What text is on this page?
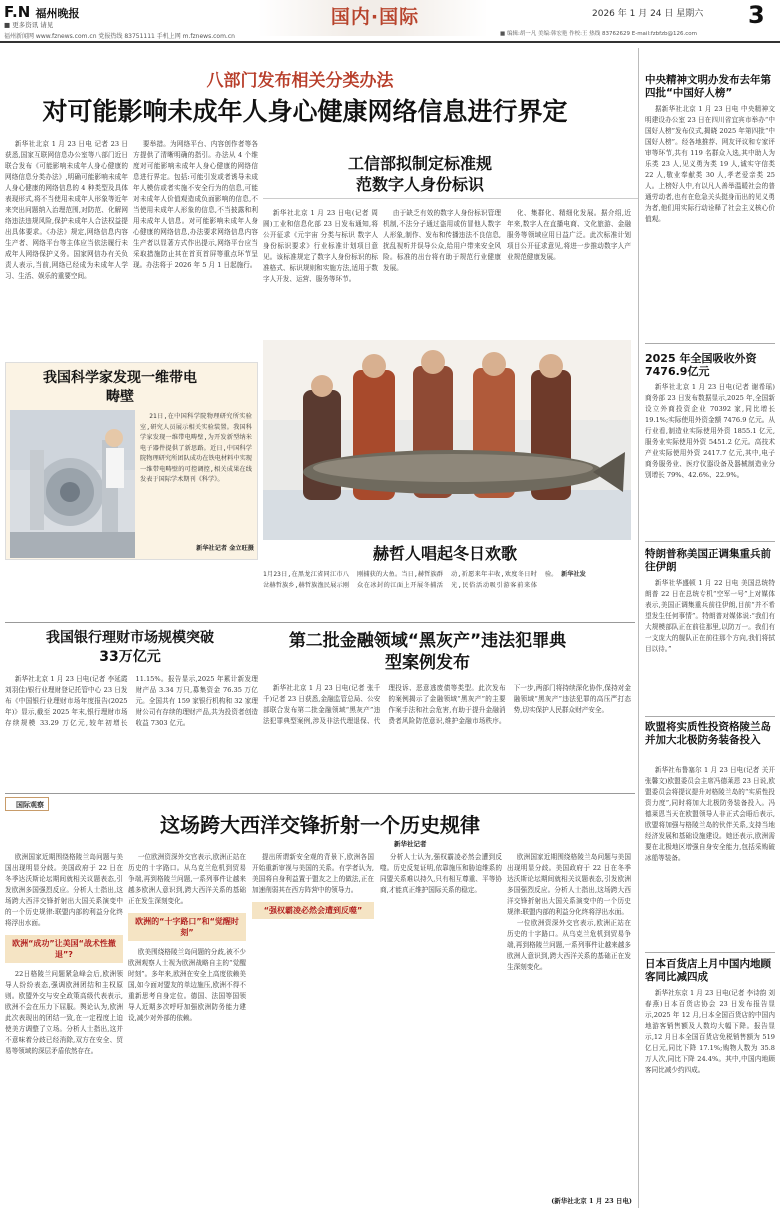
F.N 福州晚报
■ 更多资讯 请见
福州新闻网 www.fznews.com.cn 党报热线 83751111 手机上网 m.fznews.com.cn
国内·国际	2026 年 1 月 24 日 星期六 3
■ 编辑:胡一凡 美编:韩宏艳 作校:王 热线 83762629 E-mail:fzbfzb@126.com
八部门发布相关分类办法
对可能影响未成年人身心健康网络信息进行界定

新华社北京 1 月 23 日电 记者 23 日获悉,国家互联网信息办公室等八部门近日联合发布《可能影响未成年人身心健康的网络信息分类办法》,明确可能影响未成年人身心健康的网络信息的 4 种类型及具体表现形式,将不当使用未成年人形象等近年来突出问题纳入治理范围,对防范、化解网络违法违规风险,保护未成年人合法权益提出具体要求。《办法》规定,网络信息内容生产者、网络平台等主体应当依法履行未成年人网络保护义务。国家网信办有关负责人表示,当前,网络已经成为未成年人学习、生活、娱乐的重要空间。

要举措。为网络平台、内容创作者等各方提供了清晰明确的指引。办法从 4 个维度对可能影响未成年人身心健康的网络信息进行界定。包括:可能引发或者诱导未成年人模仿或者实施不安全行为的信息,可能对未成年人价值观造成负面影响的信息,不当使用未成年人形象的信息,不当披露和利用未成年人信息。对可能影响未成年人身心健康的网络信息,办法要求网络信息内容生产者以显著方式作出提示,网络平台应当采取措施防止其在首页首屏等重点环节呈现。办法将于 2026 年 5 月 1 日起施行。

工信部拟制定标准规范数字人身份标识

新华社北京 1 月 23 日电(记者 周圆)工业和信息化部 23 日发布通知,将公开征求《元宇宙 分类与标识 数字人身份标识要求》行业标准计划项目意见。该标准规定了数字人身份标识的标准格式、标识规则和实施方法,适用于数字人开发、运营、服务等环节。

由于缺乏有效的数字人身份标识管理机制,不法分子通过盗用或仿冒他人数字人形象,制作、发布和传播违法不良信息,扰乱视听并误导公众,给用户带来安全风险。标准的出台将有助于规范行业健康发展。

化、集群化、精细化发展。据介绍,近年来,数字人在直播电商、文化旅游、金融服务等领域应用日益广泛。此次标准计划项目公开征求意见,将进一步推动数字人产业规范健康发展。

我国科学家发现一维带电畴壁

21日,在中国科学院物理研究所实验室,研究人员展示相关实验装置。我国科学家发现一维带电畴壁,为开发新型纳米电子器件提供了新思路。近日,中国科学院物理研究所团队成功在铁电材料中实现一维带电畴壁的可控调控,相关成果在线发表于国际学术期刊《科学》。

新华社记者 金立旺摄	赫哲人唱起冬日欢歌
1月23日,在黑龙江省同江市八岔赫哲族乡,赫哲族渔民展示刚刚捕获的大鱼。当日,赫哲族群众在冰封的江面上开展冬捕活动,祈愿来年丰收,欢度冬日时光,民俗活动吸引游客前来体验。 新华社发
我国银行理财市场规模突破33万亿元

新华社北京 1 月 23 日电(记者 李延霞 刘羽佳)银行业理财登记托管中心 23 日发布《中国银行业理财市场年度报告(2025年)》显示,截至 2025 年末,银行理财市场存续规模 33.29 万亿元,较年初增长 11.15%。报告显示,2025 年累计新发理财产品 3.34 万只,募集资金 76.35 万亿元。全国共有 159 家银行机构和 32 家理财公司有存续的理财产品,共为投资者创造收益 7303 亿元。

第二批金融领域“黑灰产”违法犯罪典型案例发布

新华社北京 1 月 23 日电(记者 张千千)记者 23 日获悉,金融监管总局、公安部联合发布第二批金融领域“黑灰产”违法犯罪典型案例,涉及非法代理退保、代理投诉、恶意逃废债等类型。此次发布的案例揭示了金融领域“黑灰产”的主要作案手法和社会危害,有助于提升金融消费者风险防范意识,维护金融市场秩序。下一步,两部门将持续深化协作,保持对金融领域“黑灰产”违法犯罪的高压严打态势,切实保护人民群众财产安全。

国际观察
这场跨大西洋交锋折射一个历史规律
新华社记者

欧洲国家近期围绕格陵兰岛问题与美国出现明显分歧。美国政府于 22 日在冬季达沃斯论坛期间就相关议题表态,引发欧洲多国强烈反应。分析人士指出,这场跨大西洋交锋折射出大国关系演变中的一个历史规律:联盟内部的利益分化终将浮出水面。

欧洲“成功”让美国“战术性撤退”?

22日格陵兰问题紧急峰会后,欧洲领导人纷纷表态,强调欧洲团结和主权原则。欧盟外交与安全政策高级代表表示,欧洲不会在压力下屈服。舆论认为,欧洲此次表现出的团结一致,在一定程度上迫使美方调整了立场。分析人士指出,这并不意味着分歧已经消除,双方在安全、贸易等领域的深层矛盾依然存在。

一位欧洲资深外交官表示,欧洲正站在历史的十字路口。从乌克兰危机到贸易争端,再到格陵兰问题,一系列事件让越来越多欧洲人意识到,跨大西洋关系的基础正在发生深刻变化。

欧洲的“十字路口”和“觉醒时刻”

欧美围绕格陵兰岛问题的分歧,被不少欧洲观察人士视为欧洲战略自主的“觉醒时刻”。多年来,欧洲在安全上高度依赖美国,如今面对盟友的单边施压,欧洲不得不重新思考自身定位。德国、法国等国领导人近期多次呼吁加强欧洲防务能力建设,减少对外部的依赖。

提出所谓新安全观的背景下,欧洲各国开始重新审视与美国的关系。有学者认为,美国将自身利益置于盟友之上的做法,正在加速削弱其在西方阵营中的领导力。

“强权霸凌必然会遭到反噬”

分析人士认为,强权霸凌必然会遭到反噬。历史反复证明,依靠施压和胁迫维系的同盟关系难以持久,只有相互尊重、平等协商,才能真正维护国际关系的稳定。

欧洲国家近期围绕格陵兰岛问题与美国出现明显分歧。美国政府于 22 日在冬季达沃斯论坛期间就相关议题表态,引发欧洲多国强烈反应。分析人士指出,这场跨大西洋交锋折射出大国关系演变中的一个历史规律:联盟内部的利益分化终将浮出水面。

一位欧洲资深外交官表示,欧洲正站在历史的十字路口。从乌克兰危机到贸易争端,再到格陵兰问题,一系列事件让越来越多欧洲人意识到,跨大西洋关系的基础正在发生深刻变化。

(新华社北京 1 月 23 日电)
中央精神文明办发布去年第四批“中国好人榜”

据新华社北京 1 月 23 日电 中央精神文明建设办公室 23 日在四川省宜宾市举办“中国好人榜”发布仪式,揭晓 2025 年第四批“中国好人榜”。经各地推荐、网友评议和专家评审等环节,共有 119 名群众入选,其中助人为乐类 23 人,见义勇为类 19 人,诚实守信类 22 人,敬业奉献类 30 人,孝老爱亲类 25 人。上榜好人中,有以凡人善举温暖社会的普通劳动者,也有在危急关头挺身而出的见义勇为者,他们用实际行动诠释了社会主义核心价值观。

2025 年全国吸收外资7476.9亿元

新华社北京 1 月 23 日电(记者 谢希瑶)商务部 23 日发布数据显示,2025 年,全国新设立外商投资企业 70392 家,同比增长 19.1%;实际使用外资金额 7476.9 亿元。从行业看,制造业实际使用外资 1855.1 亿元,服务业实际使用外资 5451.2 亿元。高技术产业实际使用外资 2417.7 亿元,其中,电子商务服务业、医疗仪器设备及器械制造业分别增长 79%、42.6%、22.9%。

特朗普称美国正调集重兵前往伊朗

新华社华盛顿 1 月 22 日电 美国总统特朗普 22 日在总统专机“空军一号”上对媒体表示,美国正调集重兵前往伊朗,目前“并不希望发生任何事情”。特朗普对媒体说:“我们有大规模部队正在前往那里,以防万一。我们有一支庞大的舰队正在前往那个方向,我们将拭目以待。”

欧盟将实质性投资格陵兰岛并加大北极防务装备投入

新华社布鲁塞尔 1 月 23 日电(记者 关开 张馨文)欧盟委员会主席冯德莱恩 23 日说,欧盟委员会将提议提升对格陵兰岛的“实质性投资力度”,同时将加大北极防务装备投入。冯德莱恩当天在欧盟领导人非正式会晤后表示,欧盟将加强与格陵兰岛的伙伴关系,支持当地经济发展和基础设施建设。她还表示,欧洲需要在北极地区增强自身安全能力,包括采购破冰船等装备。

日本百货店上月中国内地顾客同比减四成

新华社东京 1 月 23 日电(记者 李诗韵 刘春燕)日本百货店协会 23 日发布报告显示,2025 年 12 月,日本全国百货店的中国内地游客销售额及人数均大幅下降。报告显示,12 月日本全国百货店免税销售额为 519 亿日元,同比下降 17.1%;购物人数为 35.8 万人次,同比下降 24.4%。其中,中国内地顾客同比减少约四成。
